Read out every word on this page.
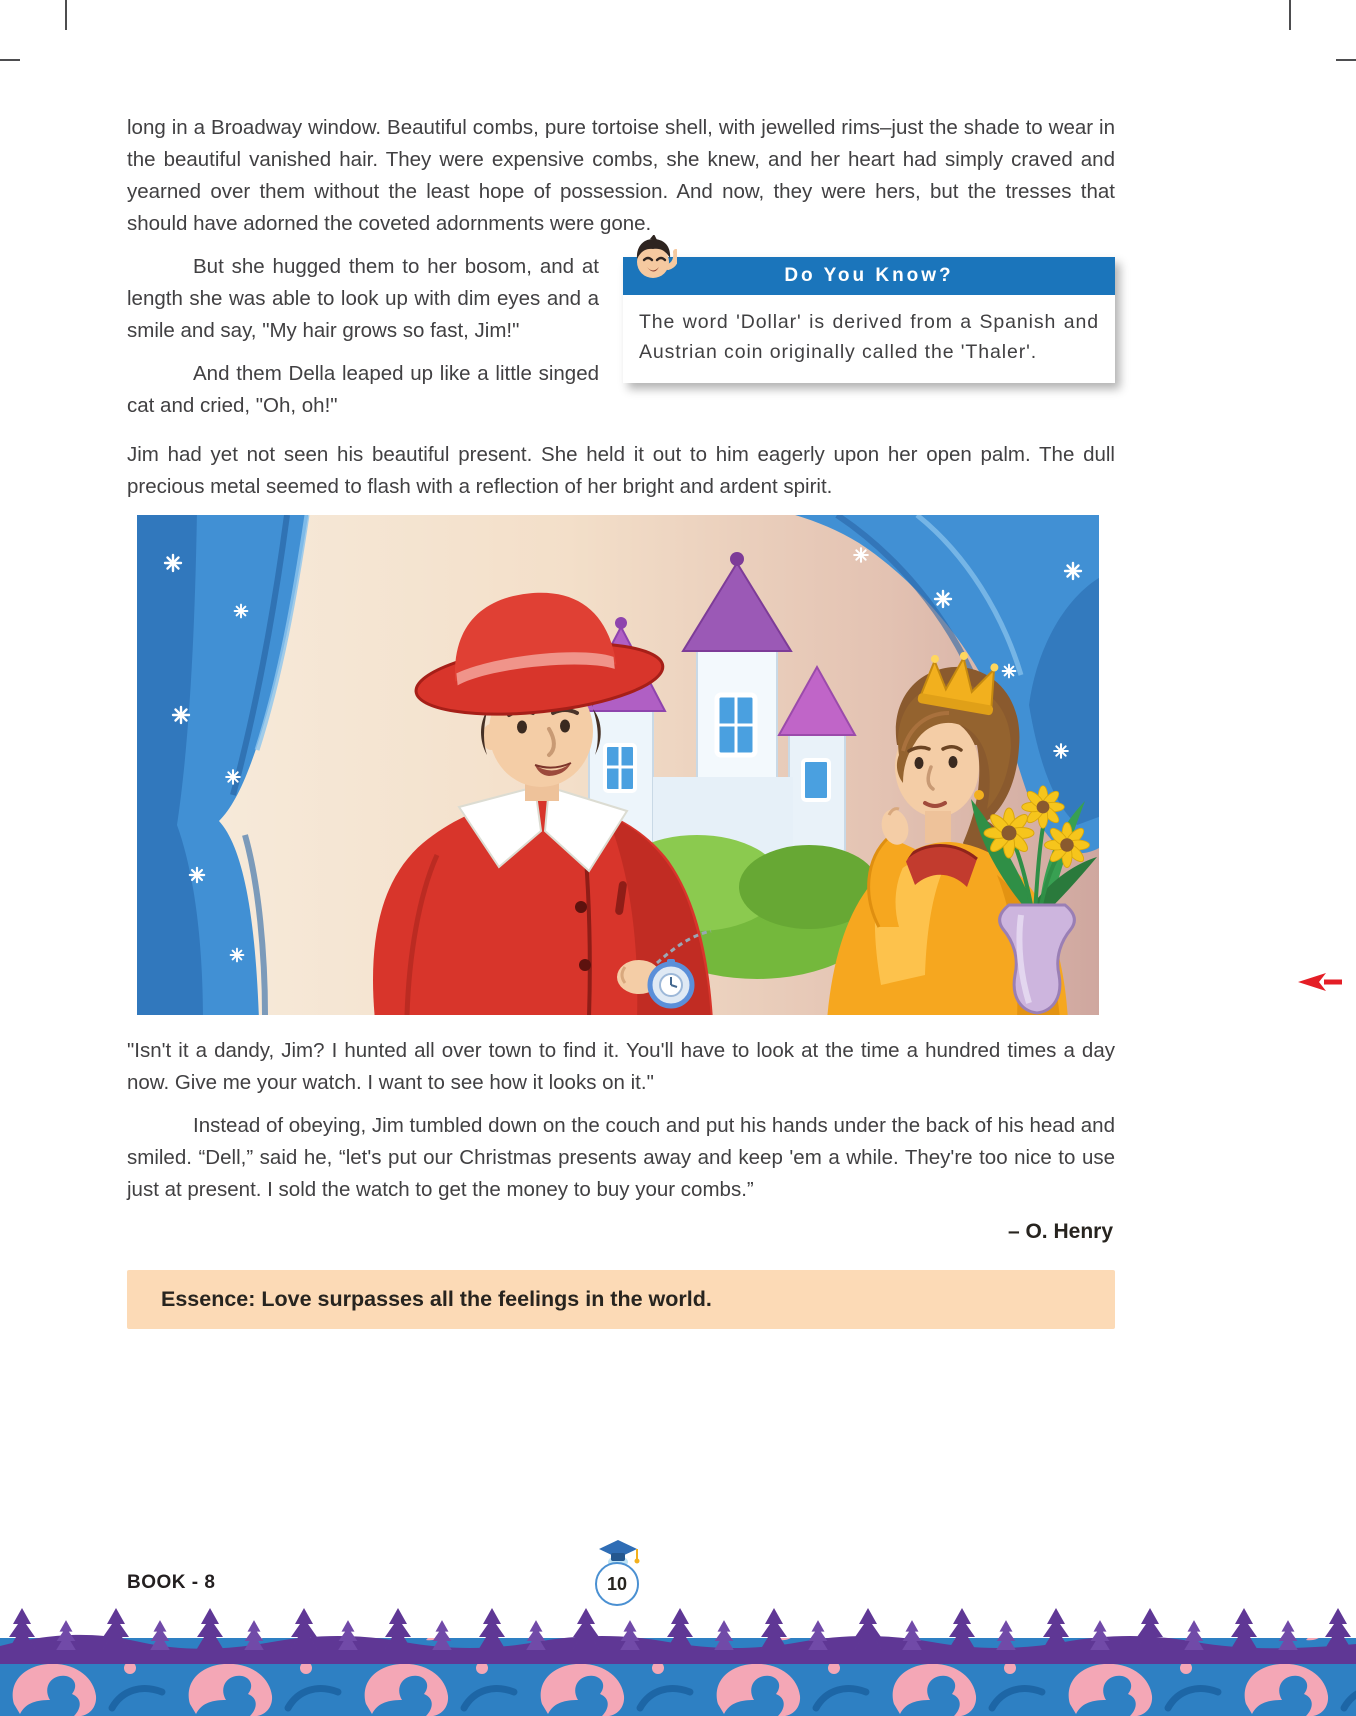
long in a Broadway window. Beautiful combs, pure tortoise shell, with jewelled rims–just the shade to wear in the beautiful vanished hair. They were expensive combs, she knew, and her heart had simply craved and yearned over them without the least hope of possession. And now, they were hers, but the tresses that should have adorned the coveted adornments were gone.

But she hugged them to her bosom, and at length she was able to look up with dim eyes and a smile and say, "My hair grows so fast, Jim!"

And them Della leaped up like a little singed cat and cried, "Oh, oh!"

Do You Know?

The word 'Dollar' is derived from a Spanish and Austrian coin originally called the 'Thaler'.

Jim had yet not seen his beautiful present. She held it out to him eagerly upon her open palm. The dull precious metal seemed to flash with a reflection of her bright and ardent spirit.

"Isn't it a dandy, Jim? I hunted all over town to find it. You'll have to look at the time a hundred times a day now. Give me your watch. I want to see how it looks on it."

Instead of obeying, Jim tumbled down on the couch and put his hands under the back of his head and smiled. “Dell,” said he, “let's put our Christmas presents away and keep 'em a while. They're too nice to use just at present. I sold the watch to get the money to buy your combs.”

– O. Henry

Essence: Love surpasses all the feelings in the world.
BOOK - 8	10
